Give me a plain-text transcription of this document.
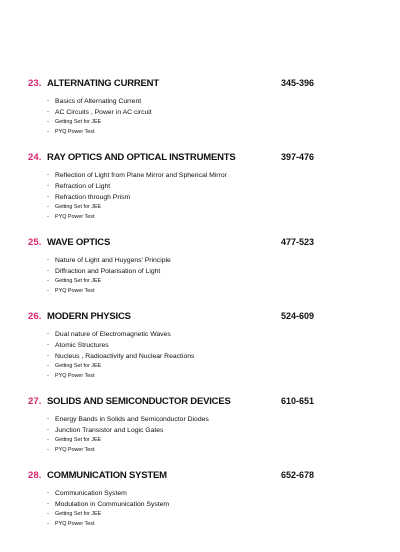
23. ALTERNATING CURRENT	345-396
- Basics of Alternating Current
- AC Circuits , Power in AC circuit
- Getting Set for JEE
- PYQ Power Test
24. RAY OPTICS AND OPTICAL INSTRUMENTS	397-476
- Reflection of Light from Plane Mirror and Spherical Mirror
- Refraction of Light
- Refraction through Prism
- Getting Set for JEE
- PYQ Power Test
25. WAVE OPTICS	477-523
- Nature of Light and Huygens' Principle
- Diffraction and Polarisation of Light
- Getting Set for JEE
- PYQ Power Test
26. MODERN PHYSICS	524-609
- Dual nature of Electromagnetic Waves
- Atomic Structures
- Nucleus , Radioactivity and Nuclear Reactions
- Getting Set for JEE
- PYQ Power Test
27. SOLIDS AND SEMICONDUCTOR DEVICES	610-651
- Energy Bands in Solids and Semiconductor Diodes
- Junction Transistor and Logic Gates
- Getting Set for JEE
- PYQ Power Test
28. COMMUNICATION SYSTEM	652-678
- Communication System
- Modulation in Communication System
- Getting Set for JEE
- PYQ Power Test
